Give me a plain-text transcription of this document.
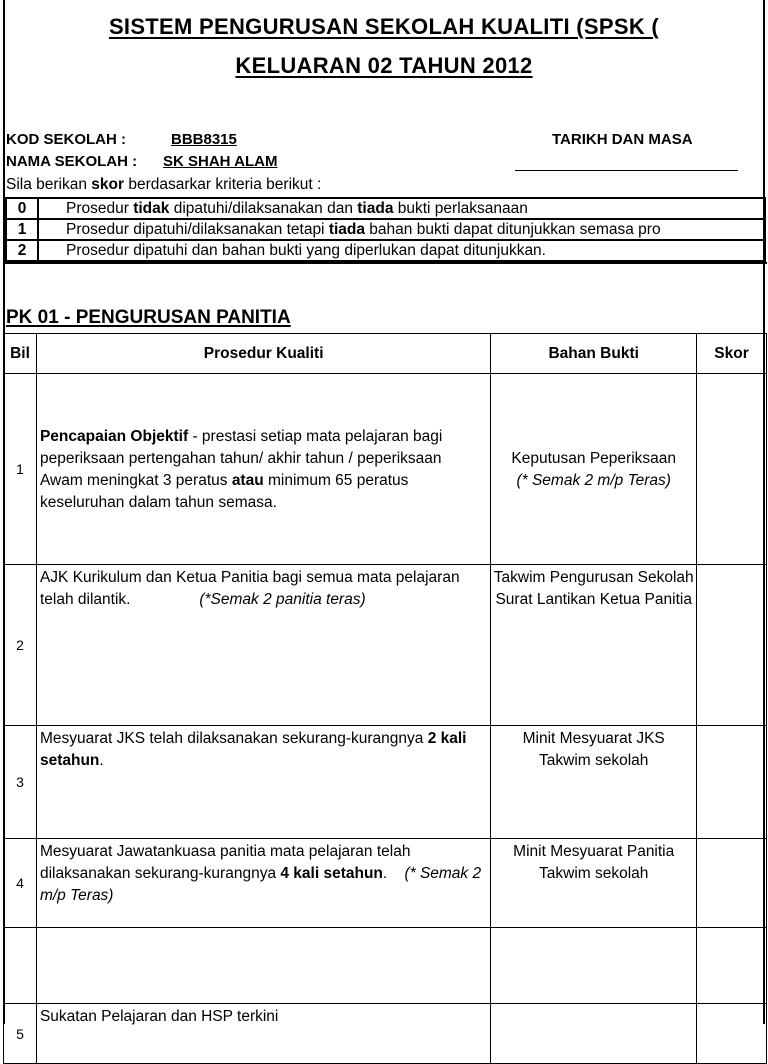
SISTEM PENGURUSAN SEKOLAH KUALITI (SPSK (
KELUARAN 02 TAHUN 2012
KOD SEKOLAH :	BBB8315
NAMA SEKOLAH : SK SHAH ALAM
TARIKH DAN MASA
Sila berikan skor berdasarkar kriteria berikut :
0	Prosedur tidak dipatuhi/dilaksanakan dan tiada bukti perlaksanaan
1	Prosedur dipatuhi/dilaksanakan tetapi tiada bahan bukti dapat ditunjukkan semasa pro
2	Prosedur dipatuhi dan bahan bukti yang diperlukan dapat ditunjukkan.
PK 01 - PENGURUSAN PANITIA
Bil	Prosedur Kualiti	Bahan Bukti	Skor
1	Pencapaian Objektif - prestasi setiap mata pelajaran bagi peperiksaan pertengahan tahun/ akhir tahun / peperiksaan Awam meningkat 3 peratus atau minimum 65 peratus keseluruhan dalam tahun semasa.	Keputusan Peperiksaan
(* Semak 2 m/p Teras)	
2	AJK Kurikulum dan Ketua Panitia bagi semua mata pelajaran telah dilantik. (*Semak 2 panitia teras)	Takwim Pengurusan Sekolah
Surat Lantikan Ketua Panitia	
3	Mesyuarat JKS telah dilaksanakan sekurang-kurangnya 2 kali setahun.	Minit Mesyuarat JKS
Takwim sekolah	
4	Mesyuarat Jawatankuasa panitia mata pelajaran telah dilaksanakan sekurang-kurangnya 4 kali setahun. (* Semak 2 m/p Teras)	Minit Mesyuarat Panitia
Takwim sekolah	

5	Sukatan Pelajaran dan HSP terkini		
